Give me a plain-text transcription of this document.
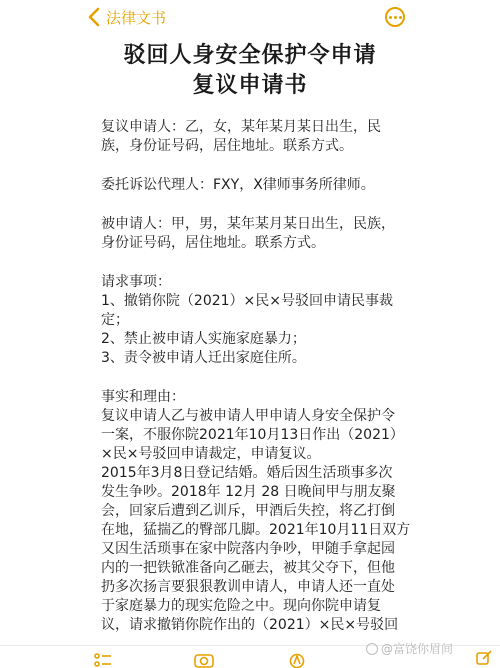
法律文书
驳回人身安全保护令申请
复议申请书
复议申请人：乙，女，某年某月某日出生，民
族，身份证号码，居住地址。联系方式。
委托诉讼代理人：FXY，X律师事务所律师。
被申请人：甲，男，某年某月某日出生，民族，
身份证号码，居住地址。联系方式。
请求事项：
1、撤销你院（2021）×民×号驳回申请民事裁
定；
2、禁止被申请人实施家庭暴力；
3、责令被申请人迁出家庭住所。
事实和理由：
复议申请人乙与被申请人甲申请人身安全保护令
一案，不服你院2021年10月13日作出（2021）
×民×号驳回申请裁定，申请复议。
2015年3月8日登记结婚。婚后因生活琐事多次
发生争吵。2018年 12月 28 日晚间甲与朋友聚
会，回家后遭到乙训斥，甲酒后失控，将乙打倒
在地，猛揣乙的臀部几脚。2021年10月11日双方
又因生活琐事在家中院落内争吵，甲随手拿起园
内的一把铁锨准备向乙砸去，被其父夺下，但他
扔多次扬言要狠狠教训申请人，申请人还一直处
于家庭暴力的现实危险之中。现向你院申请复
议，请求撤销你院作出的（2021）×民×号驳回
@富饶你眉间
